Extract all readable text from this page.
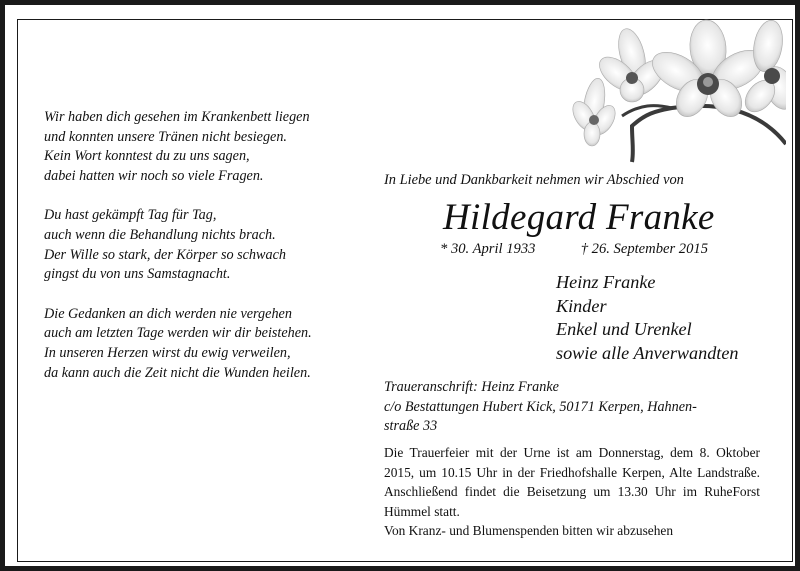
Wir haben dich gesehen im Krankenbett liegen
und konnten unsere Tränen nicht besiegen.
Kein Wort konntest du zu uns sagen,
dabei hatten wir noch so viele Fragen.
Du hast gekämpft Tag für Tag,
auch wenn die Behandlung nichts brach.
Der Wille so stark, der Körper so schwach
gingst du von uns Samstagnacht.
Die Gedanken an dich werden nie vergehen
auch am letzten Tage werden wir dir beistehen.
In unseren Herzen wirst du ewig verweilen,
da kann auch die Zeit nicht die Wunden heilen.
In Liebe und Dankbarkeit nehmen wir Abschied von
Hildegard Franke
* 30. April 1933	† 26. September 2015
Heinz Franke
Kinder
Enkel und Urenkel
sowie alle Anverwandten
Traueranschrift: Heinz Franke
c/o Bestattungen Hubert Kick, 50171 Kerpen, Hahnen-
straße 33
Die Trauerfeier mit der Urne ist am Donnerstag, dem 8. Oktober 2015, um 10.15 Uhr in der Friedhofshalle Kerpen, Alte Landstraße. Anschließend findet die Beisetzung um 13.30 Uhr im RuheForst Hümmel statt.
Von Kranz- und Blumenspenden bitten wir abzusehen
